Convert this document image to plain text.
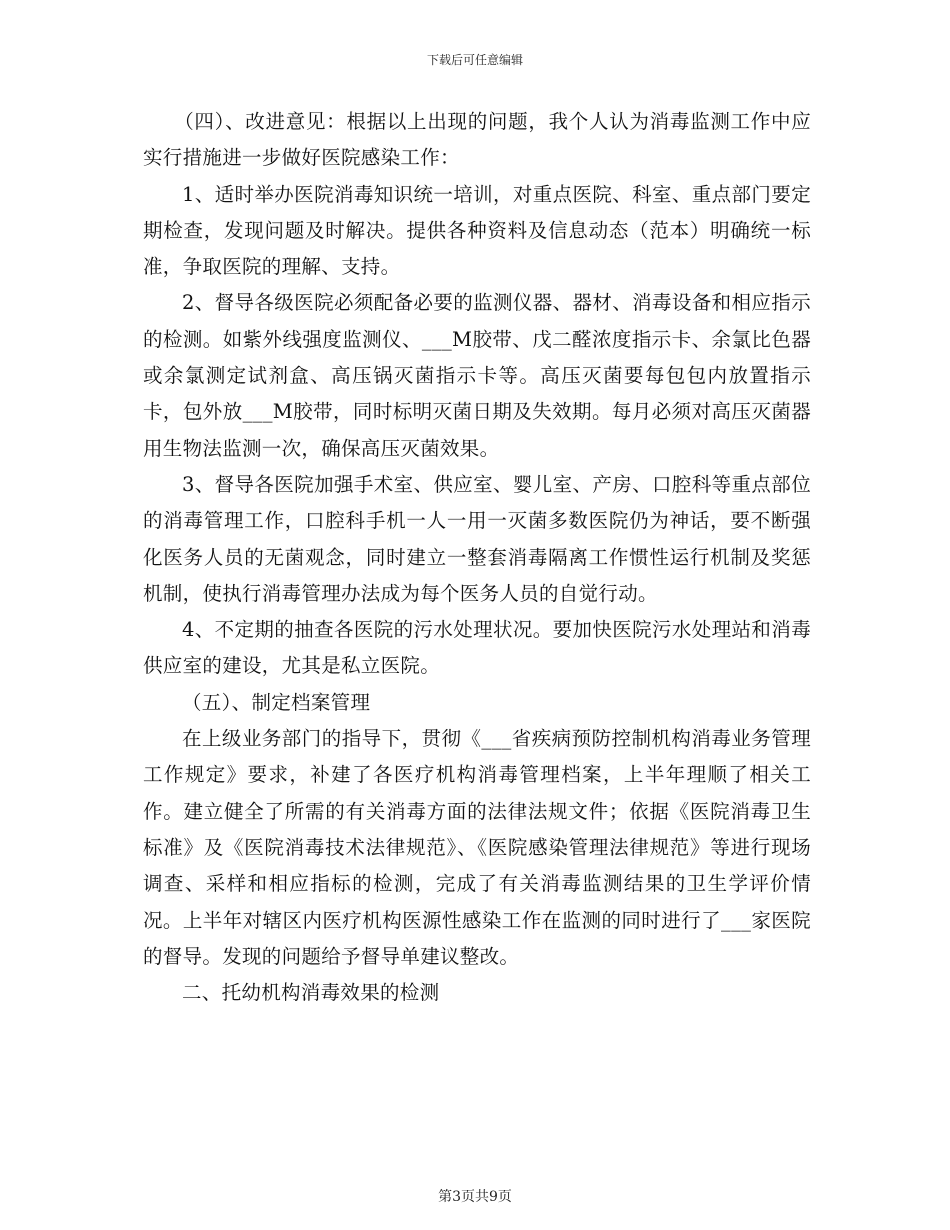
下载后可任意编辑

（四）、改进意见：根据以上出现的问题，我个人认为消毒监测工作中应实行措施进一步做好医院感染工作：

1、适时举办医院消毒知识统一培训，对重点医院、科室、重点部门要定期检查，发现问题及时解决。提供各种资料及信息动态（范本）明确统一标准，争取医院的理解、支持。

2、督导各级医院必须配备必要的监测仪器、器材、消毒设备和相应指示的检测。如紫外线强度监测仪、___M胶带、戊二醛浓度指示卡、余氯比色器或余氯测定试剂盒、高压锅灭菌指示卡等。高压灭菌要每包包内放置指示卡，包外放___M胶带，同时标明灭菌日期及失效期。每月必须对高压灭菌器用生物法监测一次，确保高压灭菌效果。

3、督导各医院加强手术室、供应室、婴儿室、产房、口腔科等重点部位的消毒管理工作，口腔科手机一人一用一灭菌多数医院仍为神话，要不断强化医务人员的无菌观念，同时建立一整套消毒隔离工作惯性运行机制及奖惩机制，使执行消毒管理办法成为每个医务人员的自觉行动。

4、不定期的抽查各医院的污水处理状况。要加快医院污水处理站和消毒供应室的建设，尤其是私立医院。

（五）、制定档案管理

在上级业务部门的指导下，贯彻《___省疾病预防控制机构消毒业务管理工作规定》要求，补建了各医疗机构消毒管理档案，上半年理顺了相关工作。建立健全了所需的有关消毒方面的法律法规文件；依据《医院消毒卫生标准》及《医院消毒技术法律规范》、《医院感染管理法律规范》等进行现场调查、采样和相应指标的检测，完成了有关消毒监测结果的卫生学评价情况。上半年对辖区内医疗机构医源性感染工作在监测的同时进行了___家医院的督导。发现的问题给予督导单建议整改。

二、托幼机构消毒效果的检测

第3页共9页
